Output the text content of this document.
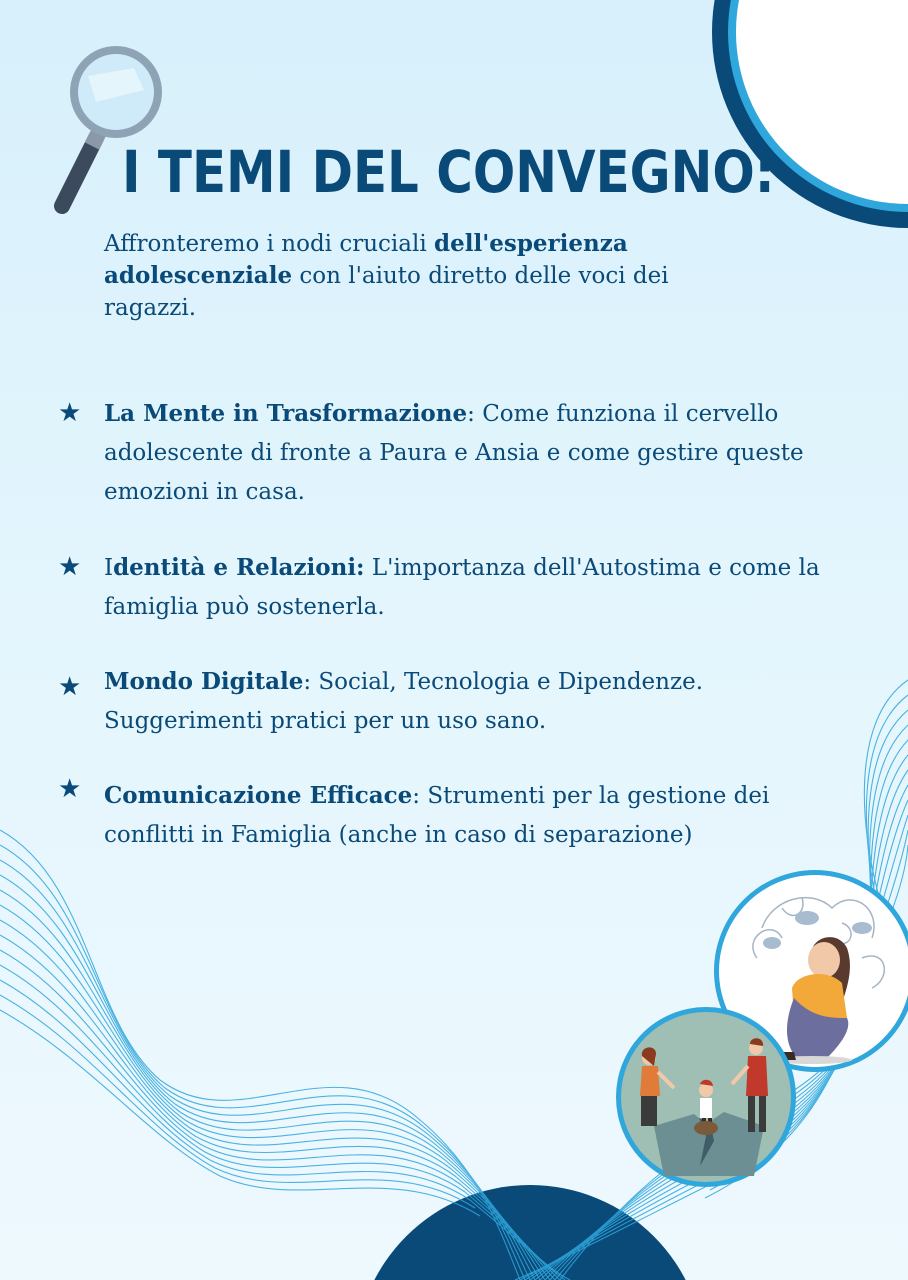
I TEMI DEL CONVEGNO:

Affronteremo i nodi cruciali dell'esperienza adolescenziale con l'aiuto diretto delle voci dei ragazzi.

★ La Mente in Trasformazione: Come funziona il cervello adolescente di fronte a Paura e Ansia e come gestire queste emozioni in casa.
★ Identità e Relazioni: L'importanza dell'Autostima e come la famiglia può sostenerla.
★ Mondo Digitale: Social, Tecnologia e Dipendenze. Suggerimenti pratici per un uso sano.
★ Comunicazione Efficace: Strumenti per la gestione dei conflitti in Famiglia (anche in caso di separazione)
